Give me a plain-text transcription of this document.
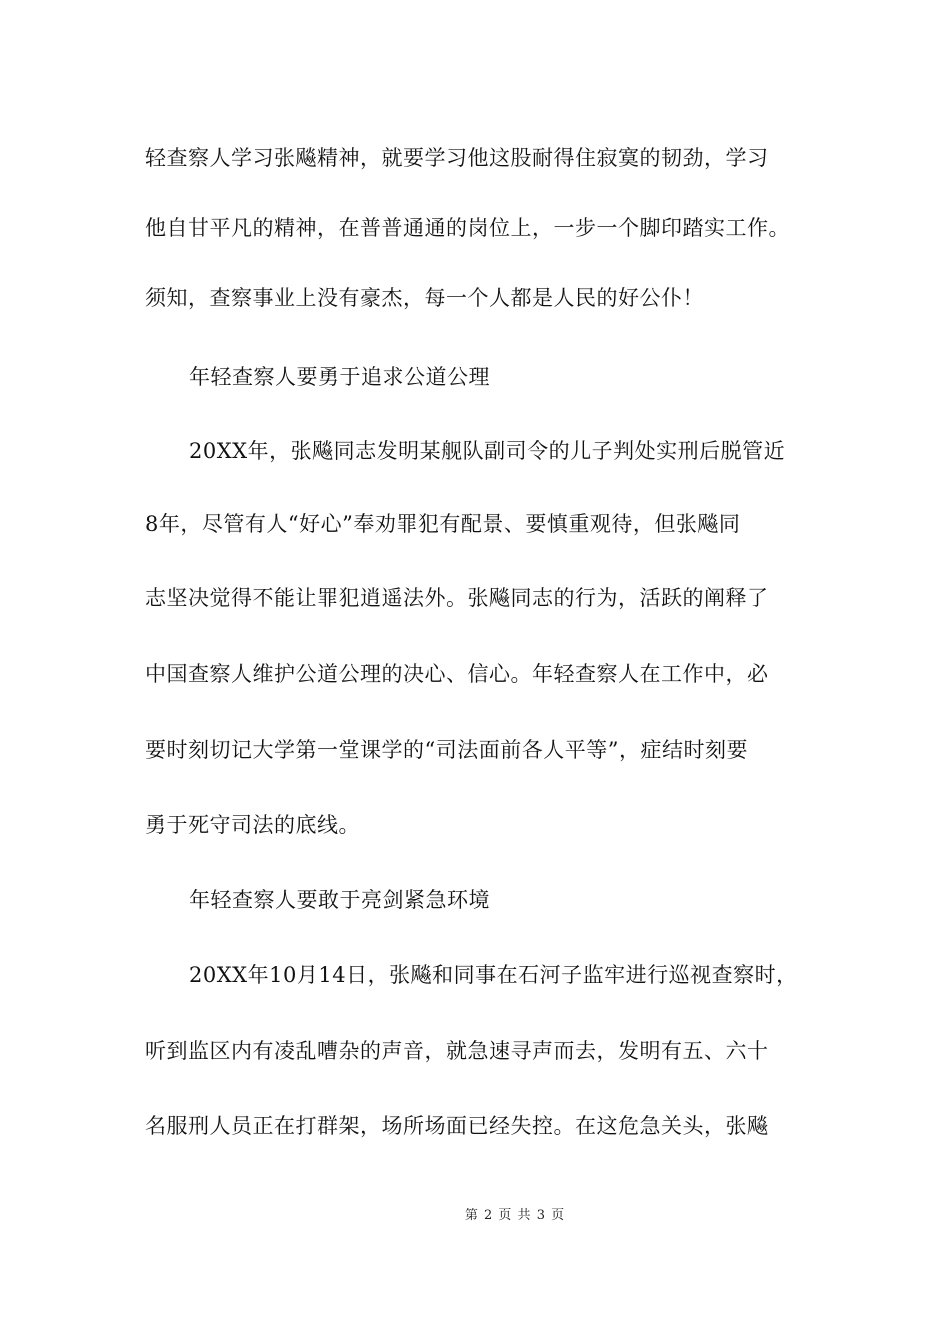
轻查察人学习张飚精神，就要学习他这股耐得住寂寞的韧劲，学习
他自甘平凡的精神，在普普通通的岗位上，一步一个脚印踏实工作。
须知，查察事业上没有豪杰，每一个人都是人民的好公仆！
年轻查察人要勇于追求公道公理
20XX年，张飚同志发明某舰队副司令的儿子判处实刑后脱管近
8年，尽管有人“好心”奉劝罪犯有配景、要慎重观待，但张飚同
志坚决觉得不能让罪犯逍遥法外。张飚同志的行为，活跃的阐释了
中国查察人维护公道公理的决心、信心。年轻查察人在工作中，必
要时刻切记大学第一堂课学的“司法面前各人平等”，症结时刻要
勇于死守司法的底线。
年轻查察人要敢于亮剑紧急环境
20XX年10月14日，张飚和同事在石河子监牢进行巡视查察时，
听到监区内有凌乱嘈杂的声音，就急速寻声而去，发明有五、六十
名服刑人员正在打群架，场所场面已经失控。在这危急关头，张飚
第 2 页 共 3 页
